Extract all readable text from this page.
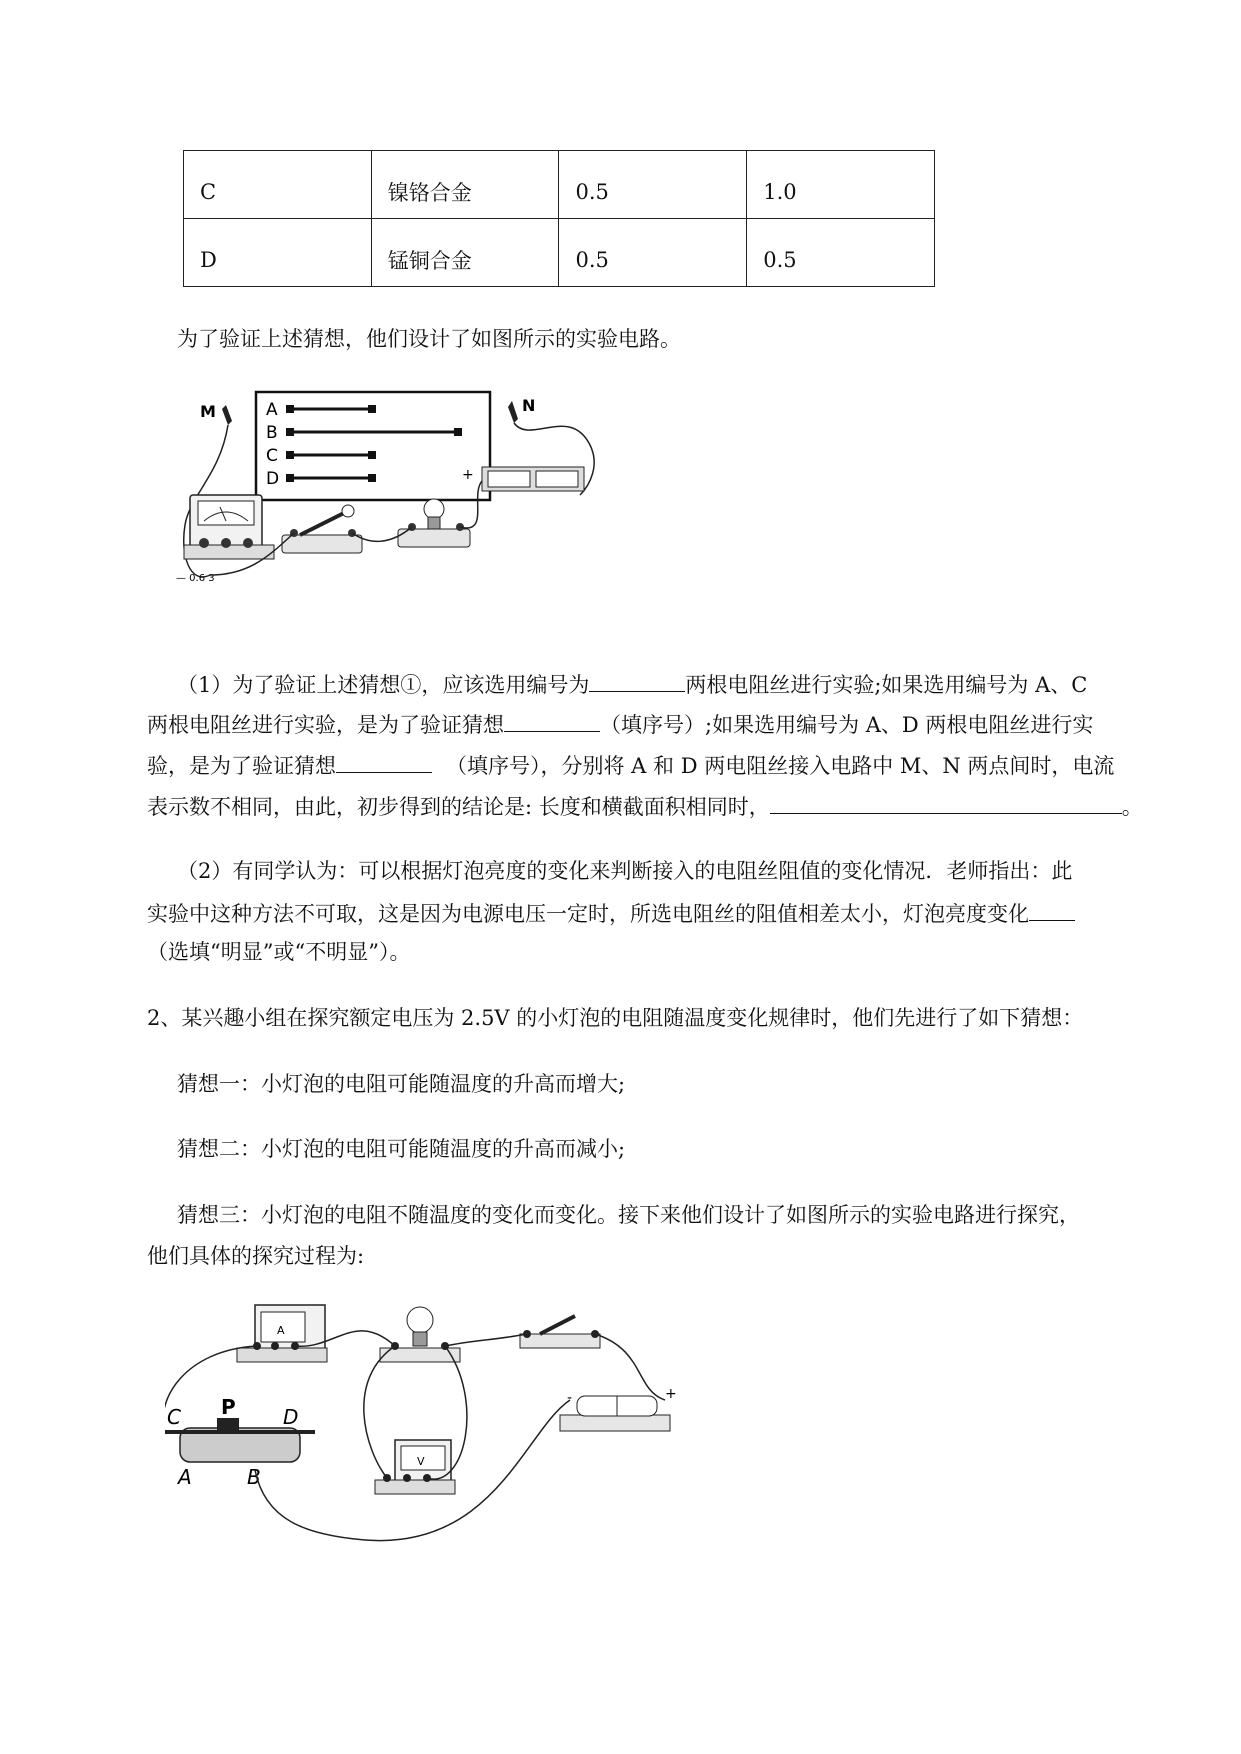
C	镍铬合金	0.5	1.0
D	锰铜合金	0.5	0.5
为了验证上述猜想，他们设计了如图所示的实验电路。
A
B
C
D
M	N
— 0.6 3
+
（1）为了验证上述猜想①，应该选用编号为	两根电阻丝进行实验;如果选用编号为 A、C
两根电阻丝进行实验，是为了验证猜想	（填序号）;如果选用编号为 A、D 两根电阻丝进行实
验，是为了验证猜想	（填序号），分别将 A 和 D 两电阻丝接入电路中 M、N 两点间时，电流
表示数不相同，由此，初步得到的结论是: 长度和横截面积相同时，	。
（2）有同学认为：可以根据灯泡亮度的变化来判断接入的电阻丝阻值的变化情况．老师指出：此
实验中这种方法不可取，这是因为电源电压一定时，所选电阻丝的阻值相差太小，灯泡亮度变化
（选填“明显”或“不明显”）。
2、某兴趣小组在探究额定电压为 2.5V 的小灯泡的电阻随温度变化规律时，他们先进行了如下猜想：
猜想一：小灯泡的电阻可能随温度的升高而增大;
猜想二：小灯泡的电阻可能随温度的升高而减小;
猜想三：小灯泡的电阻不随温度的变化而变化。接下来他们设计了如图所示的实验电路进行探究，
他们具体的探究过程为:
A
V
-	+
C P D
A	B
